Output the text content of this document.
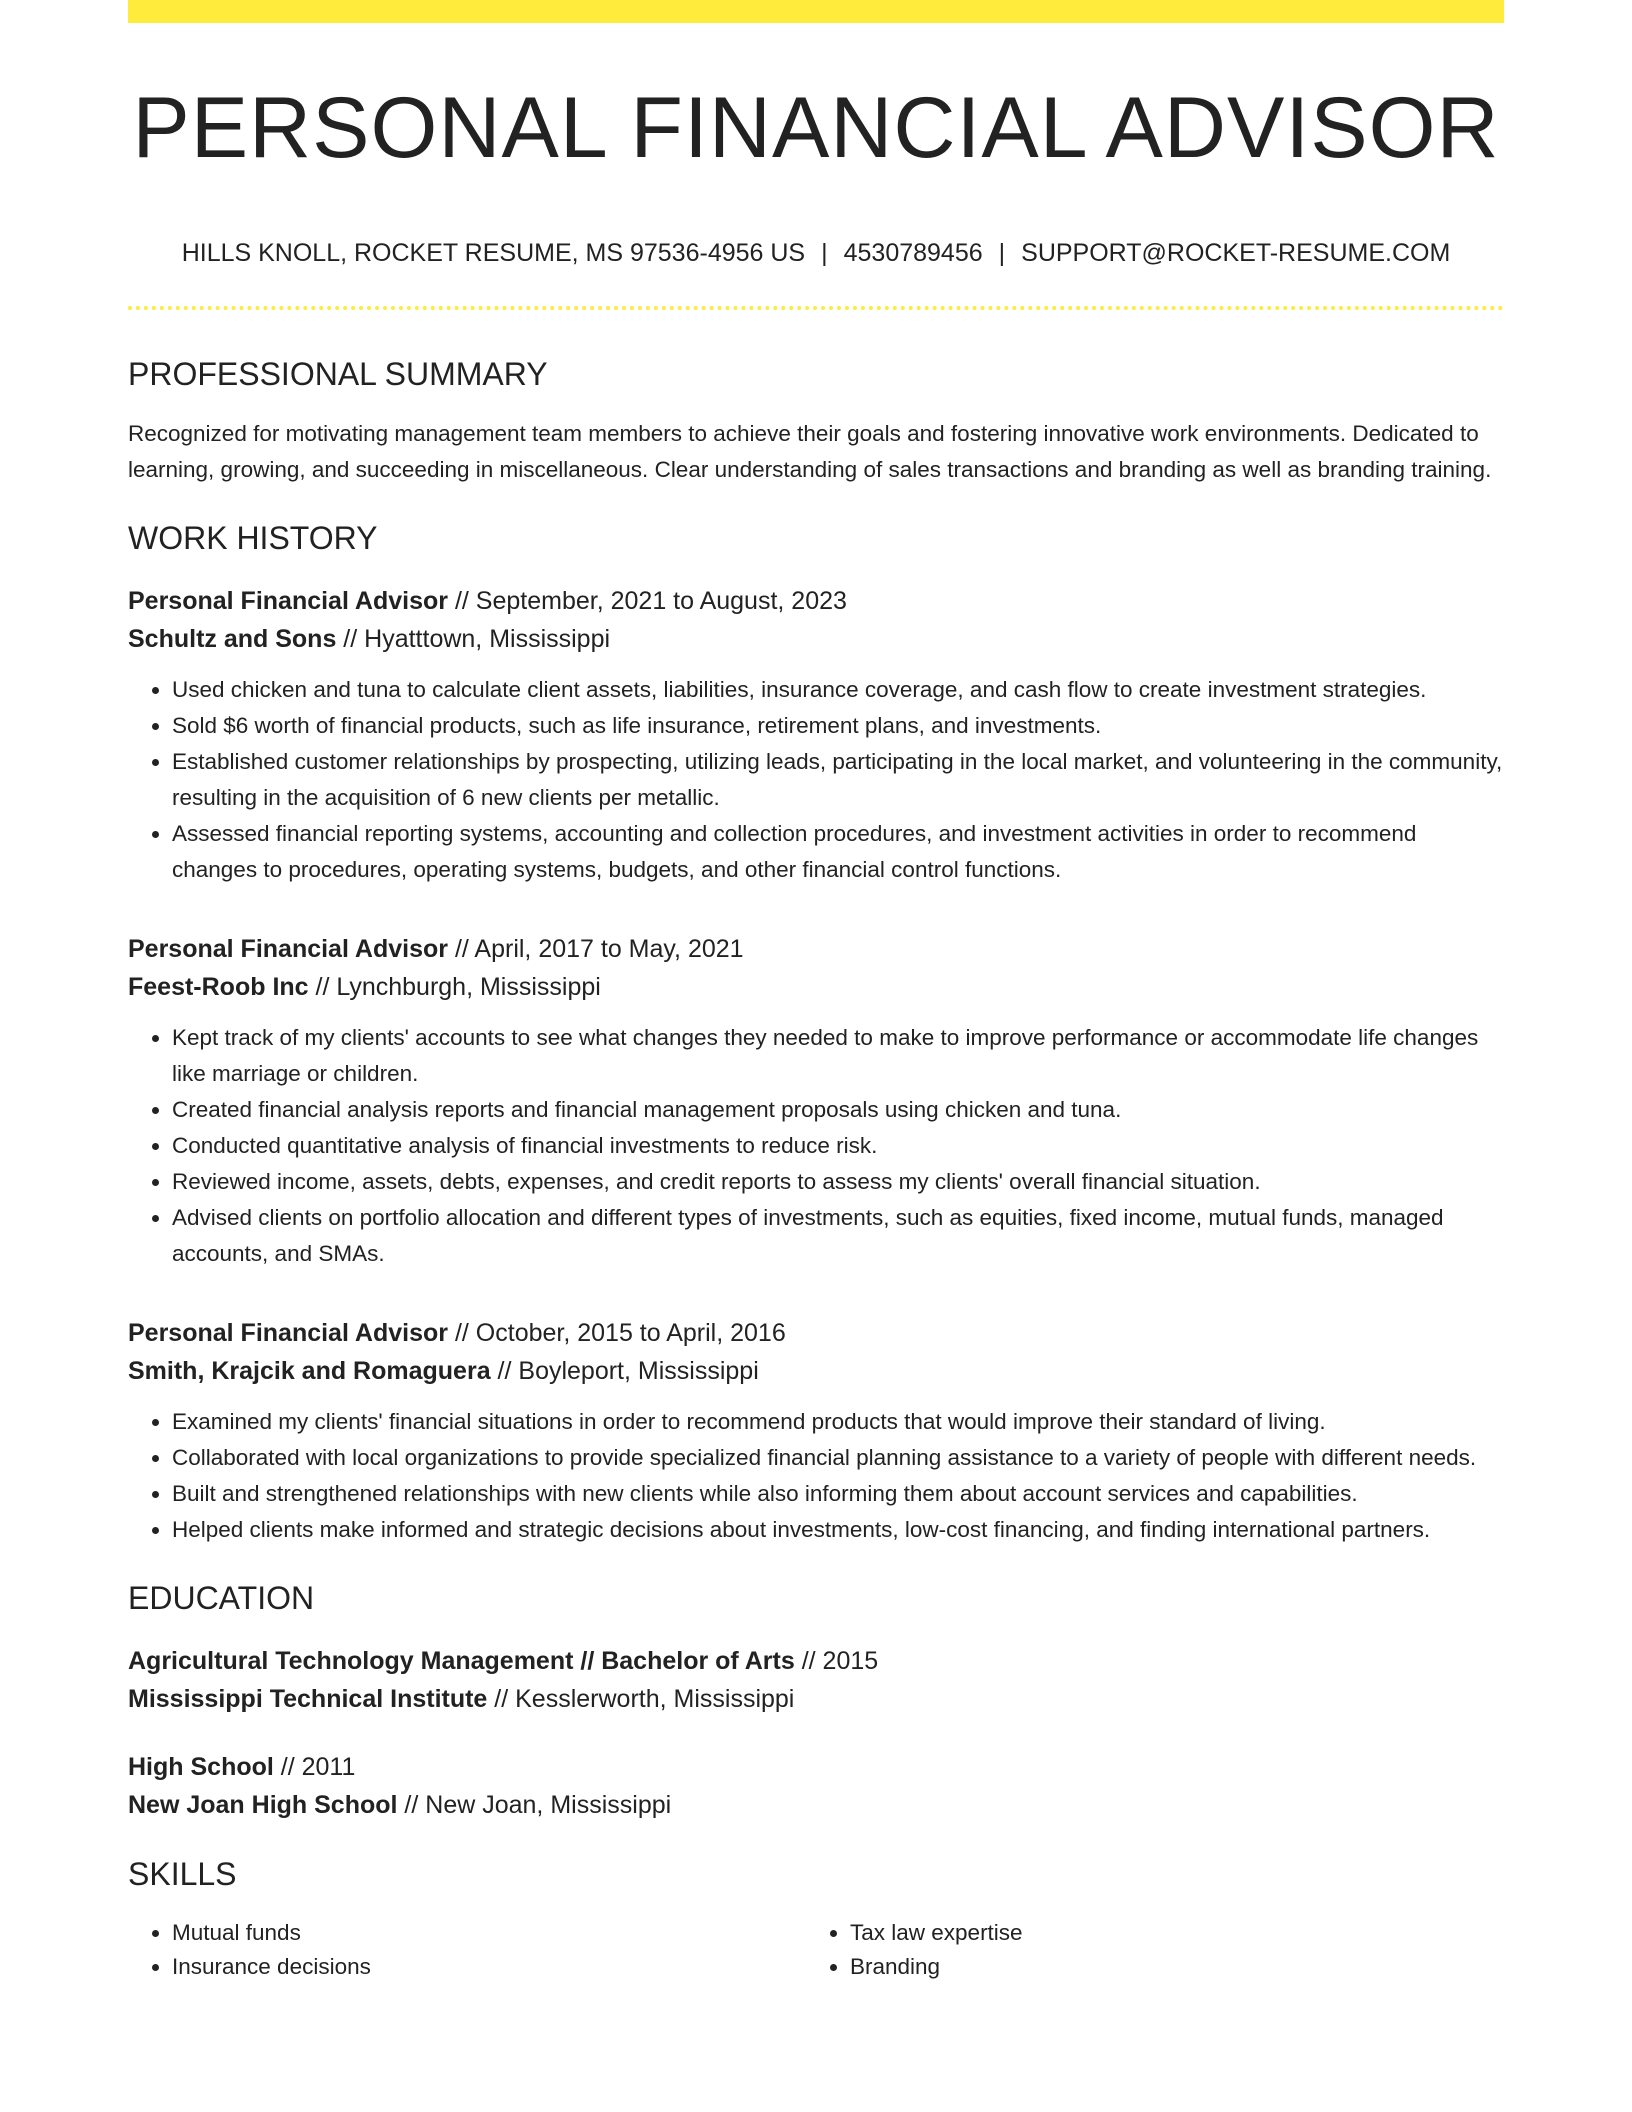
PERSONAL FINANCIAL ADVISOR
HILLS KNOLL, ROCKET RESUME, MS 97536-4956 US | 4530789456 | SUPPORT@ROCKET-RESUME.COM
PROFESSIONAL SUMMARY
Recognized for motivating management team members to achieve their goals and fostering innovative work environments. Dedicated to learning, growing, and succeeding in miscellaneous. Clear understanding of sales transactions and branding as well as branding training.
WORK HISTORY
Personal Financial Advisor // September, 2021 to August, 2023
Schultz and Sons // Hyatttown, Mississippi
• Used chicken and tuna to calculate client assets, liabilities, insurance coverage, and cash flow to create investment strategies.
• Sold $6 worth of financial products, such as life insurance, retirement plans, and investments.
• Established customer relationships by prospecting, utilizing leads, participating in the local market, and volunteering in the community, resulting in the acquisition of 6 new clients per metallic.
• Assessed financial reporting systems, accounting and collection procedures, and investment activities in order to recommend changes to procedures, operating systems, budgets, and other financial control functions.
Personal Financial Advisor // April, 2017 to May, 2021
Feest-Roob Inc // Lynchburgh, Mississippi
• Kept track of my clients' accounts to see what changes they needed to make to improve performance or accommodate life changes like marriage or children.
• Created financial analysis reports and financial management proposals using chicken and tuna.
• Conducted quantitative analysis of financial investments to reduce risk.
• Reviewed income, assets, debts, expenses, and credit reports to assess my clients' overall financial situation.
• Advised clients on portfolio allocation and different types of investments, such as equities, fixed income, mutual funds, managed accounts, and SMAs.
Personal Financial Advisor // October, 2015 to April, 2016
Smith, Krajcik and Romaguera // Boyleport, Mississippi
• Examined my clients' financial situations in order to recommend products that would improve their standard of living.
• Collaborated with local organizations to provide specialized financial planning assistance to a variety of people with different needs.
• Built and strengthened relationships with new clients while also informing them about account services and capabilities.
• Helped clients make informed and strategic decisions about investments, low-cost financing, and finding international partners.
EDUCATION
Agricultural Technology Management // Bachelor of Arts // 2015
Mississippi Technical Institute // Kesslerworth, Mississippi
High School // 2011
New Joan High School // New Joan, Mississippi
SKILLS
• Mutual funds
• Insurance decisions
• Tax law expertise
• Branding
